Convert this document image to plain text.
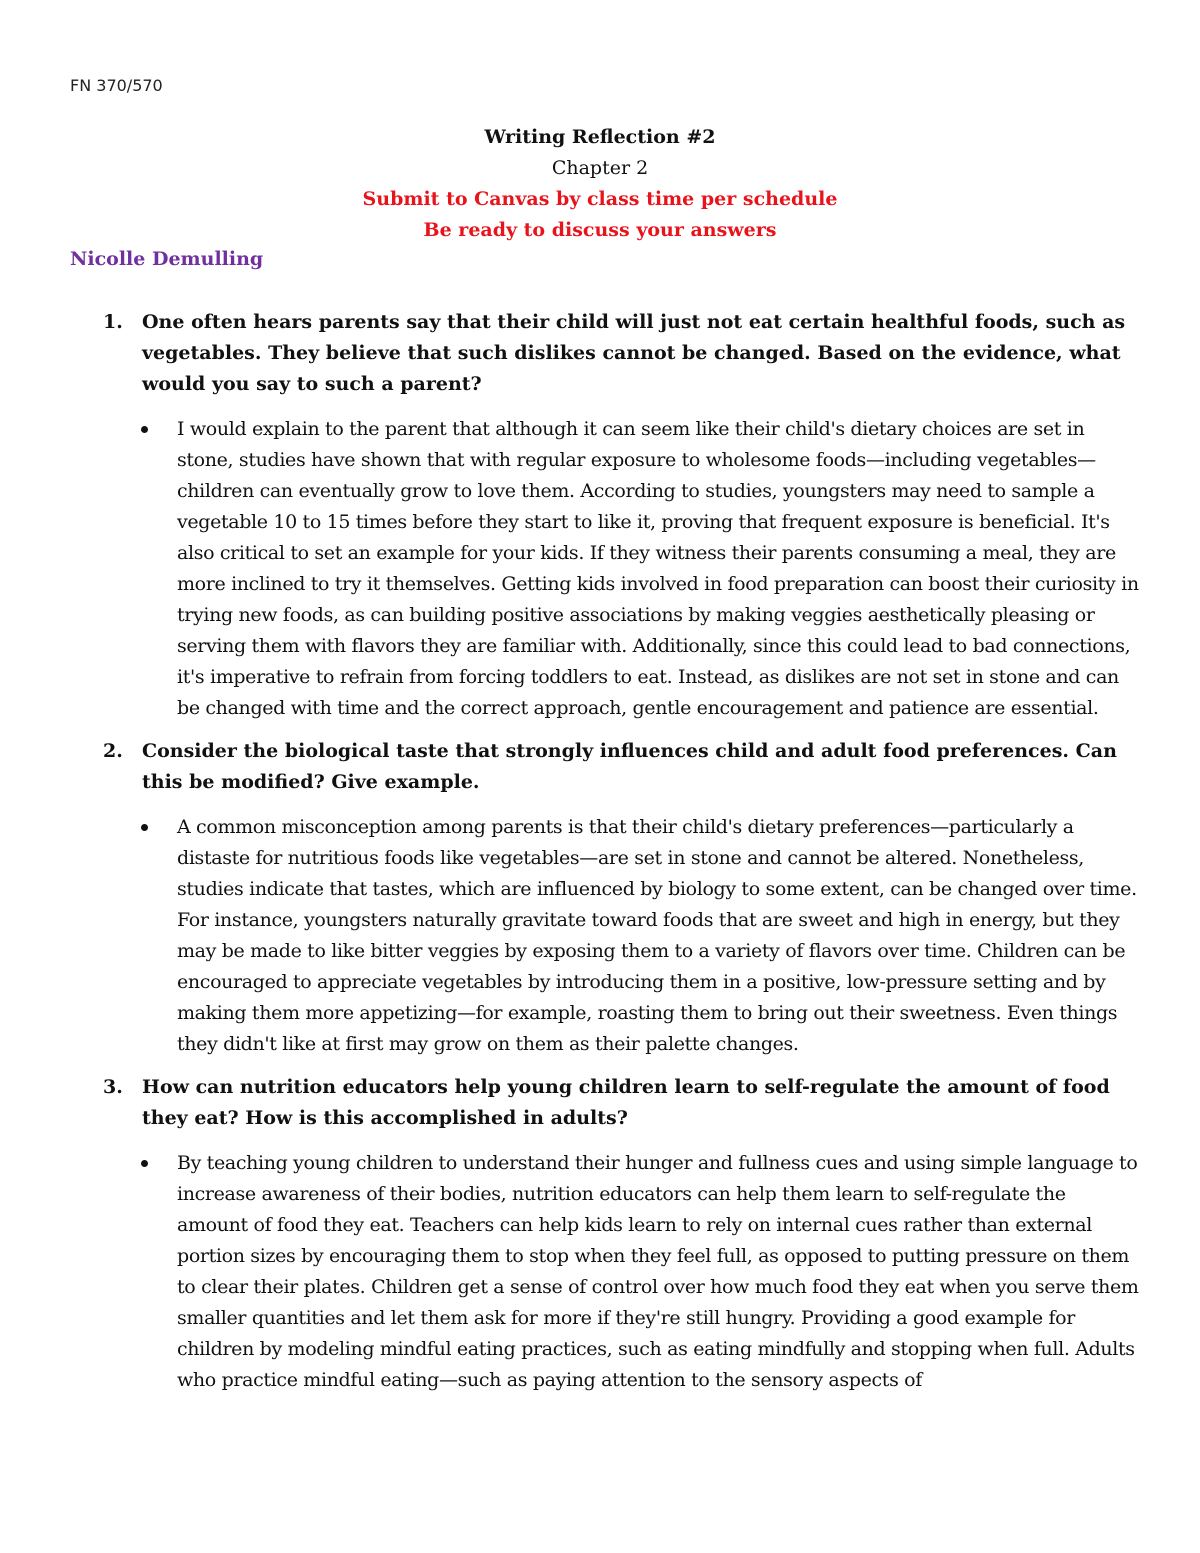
FN 370/570
Writing Reflection #2
Chapter 2
Submit to Canvas by class time per schedule
Be ready to discuss your answers
Nicolle Demulling
1. One often hears parents say that their child will just not eat certain healthful foods, such as vegetables. They believe that such dislikes cannot be changed. Based on the evidence, what would you say to such a parent?

I would explain to the parent that although it can seem like their child's dietary choices are set in stone, studies have shown that with regular exposure to wholesome foods—including vegetables—children can eventually grow to love them. According to studies, youngsters may need to sample a vegetable 10 to 15 times before they start to like it, proving that frequent exposure is beneficial. It's also critical to set an example for your kids. If they witness their parents consuming a meal, they are more inclined to try it themselves. Getting kids involved in food preparation can boost their curiosity in trying new foods, as can building positive associations by making veggies aesthetically pleasing or serving them with flavors they are familiar with. Additionally, since this could lead to bad connections, it's imperative to refrain from forcing toddlers to eat. Instead, as dislikes are not set in stone and can be changed with time and the correct approach, gentle encouragement and patience are essential.

2. Consider the biological taste that strongly influences child and adult food preferences. Can this be modified? Give example.

A common misconception among parents is that their child's dietary preferences—particularly a distaste for nutritious foods like vegetables—are set in stone and cannot be altered. Nonetheless, studies indicate that tastes, which are influenced by biology to some extent, can be changed over time. For instance, youngsters naturally gravitate toward foods that are sweet and high in energy, but they may be made to like bitter veggies by exposing them to a variety of flavors over time. Children can be encouraged to appreciate vegetables by introducing them in a positive, low-pressure setting and by making them more appetizing—for example, roasting them to bring out their sweetness. Even things they didn't like at first may grow on them as their palette changes.

3. How can nutrition educators help young children learn to self-regulate the amount of food they eat? How is this accomplished in adults?

By teaching young children to understand their hunger and fullness cues and using simple language to increase awareness of their bodies, nutrition educators can help them learn to self-regulate the amount of food they eat. Teachers can help kids learn to rely on internal cues rather than external portion sizes by encouraging them to stop when they feel full, as opposed to putting pressure on them to clear their plates. Children get a sense of control over how much food they eat when you serve them smaller quantities and let them ask for more if they're still hungry. Providing a good example for children by modeling mindful eating practices, such as eating mindfully and stopping when full. Adults who practice mindful eating—such as paying attention to the sensory aspects of
